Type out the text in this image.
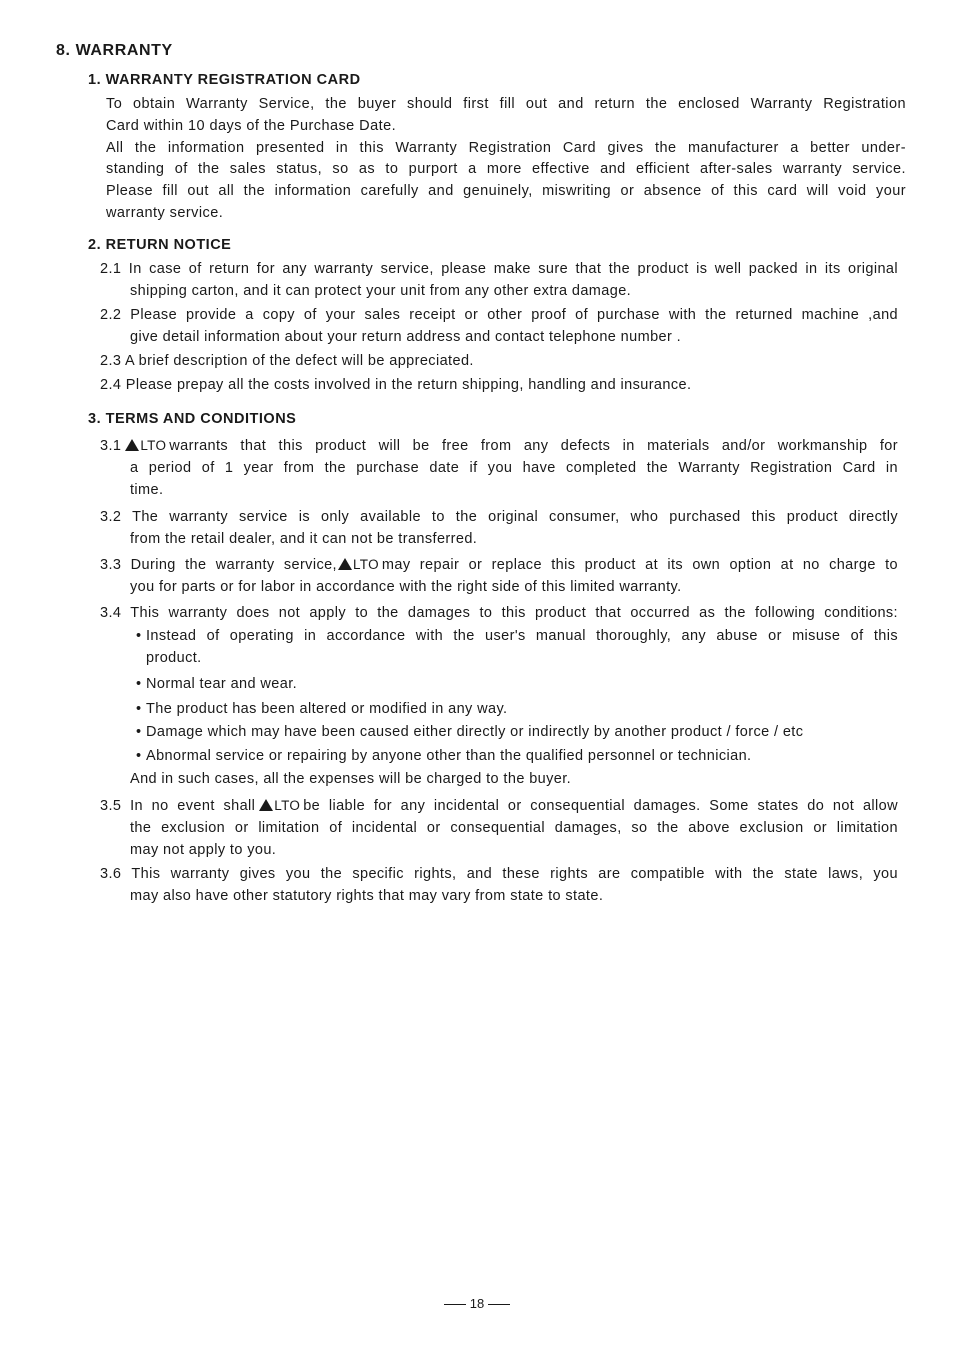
8. WARRANTY
1. WARRANTY REGISTRATION CARD
To obtain Warranty Service, the buyer should first fill out and return the enclosed Warranty Registration
Card within 10 days of the Purchase Date.
All the information presented in this Warranty Registration Card gives the manufacturer a better under-
standing of the sales status, so as to purport a more effective and efficient after-sales warranty service.
Please fill out all the information carefully and genuinely, miswriting or absence of this card will void your
warranty service.
2. RETURN NOTICE
2.1 In case of return for any warranty service, please make sure that the product is well packed in its original
shipping carton, and it can protect your unit from any other extra damage.
2.2 Please provide a copy of your sales receipt or other proof of purchase with the returned machine ,and
give detail information about your return address and contact telephone number .
2.3 A brief description of the defect will be appreciated.
2.4 Please prepay all the costs involved in the return shipping, handling and insurance.
3. TERMS AND CONDITIONS
3.1 LTO warrants that this product will be free from any defects in materials and/or workmanship for
a period of 1 year from the purchase date if you have completed the Warranty Registration Card in
time.
3.2 The warranty service is only available to the original consumer, who purchased this product directly
from the retail dealer, and it can not be transferred.
3.3 During the warranty service, LTO may repair or replace this product at its own option at no charge to
you for parts or for labor in accordance with the right side of this limited warranty.
3.4 This warranty does not apply to the damages to this product that occurred as the following conditions:
• Instead of operating in accordance with the user's manual thoroughly, any abuse or misuse of this
product.
• Normal tear and wear.
• The product has been altered or modified in any way.
• Damage which may have been caused either directly or indirectly by another product / force / etc
• Abnormal service or repairing by anyone other than the qualified personnel or technician.
And in such cases, all the expenses will be charged to the buyer.
3.5 In no event shall LTO be liable for any incidental or consequential damages. Some states do not allow
the exclusion or limitation of incidental or consequential damages, so the above exclusion or limitation
may not apply to you.
3.6 This warranty gives you the specific rights, and these rights are compatible with the state laws, you
may also have other statutory rights that may vary from state to state.
18
